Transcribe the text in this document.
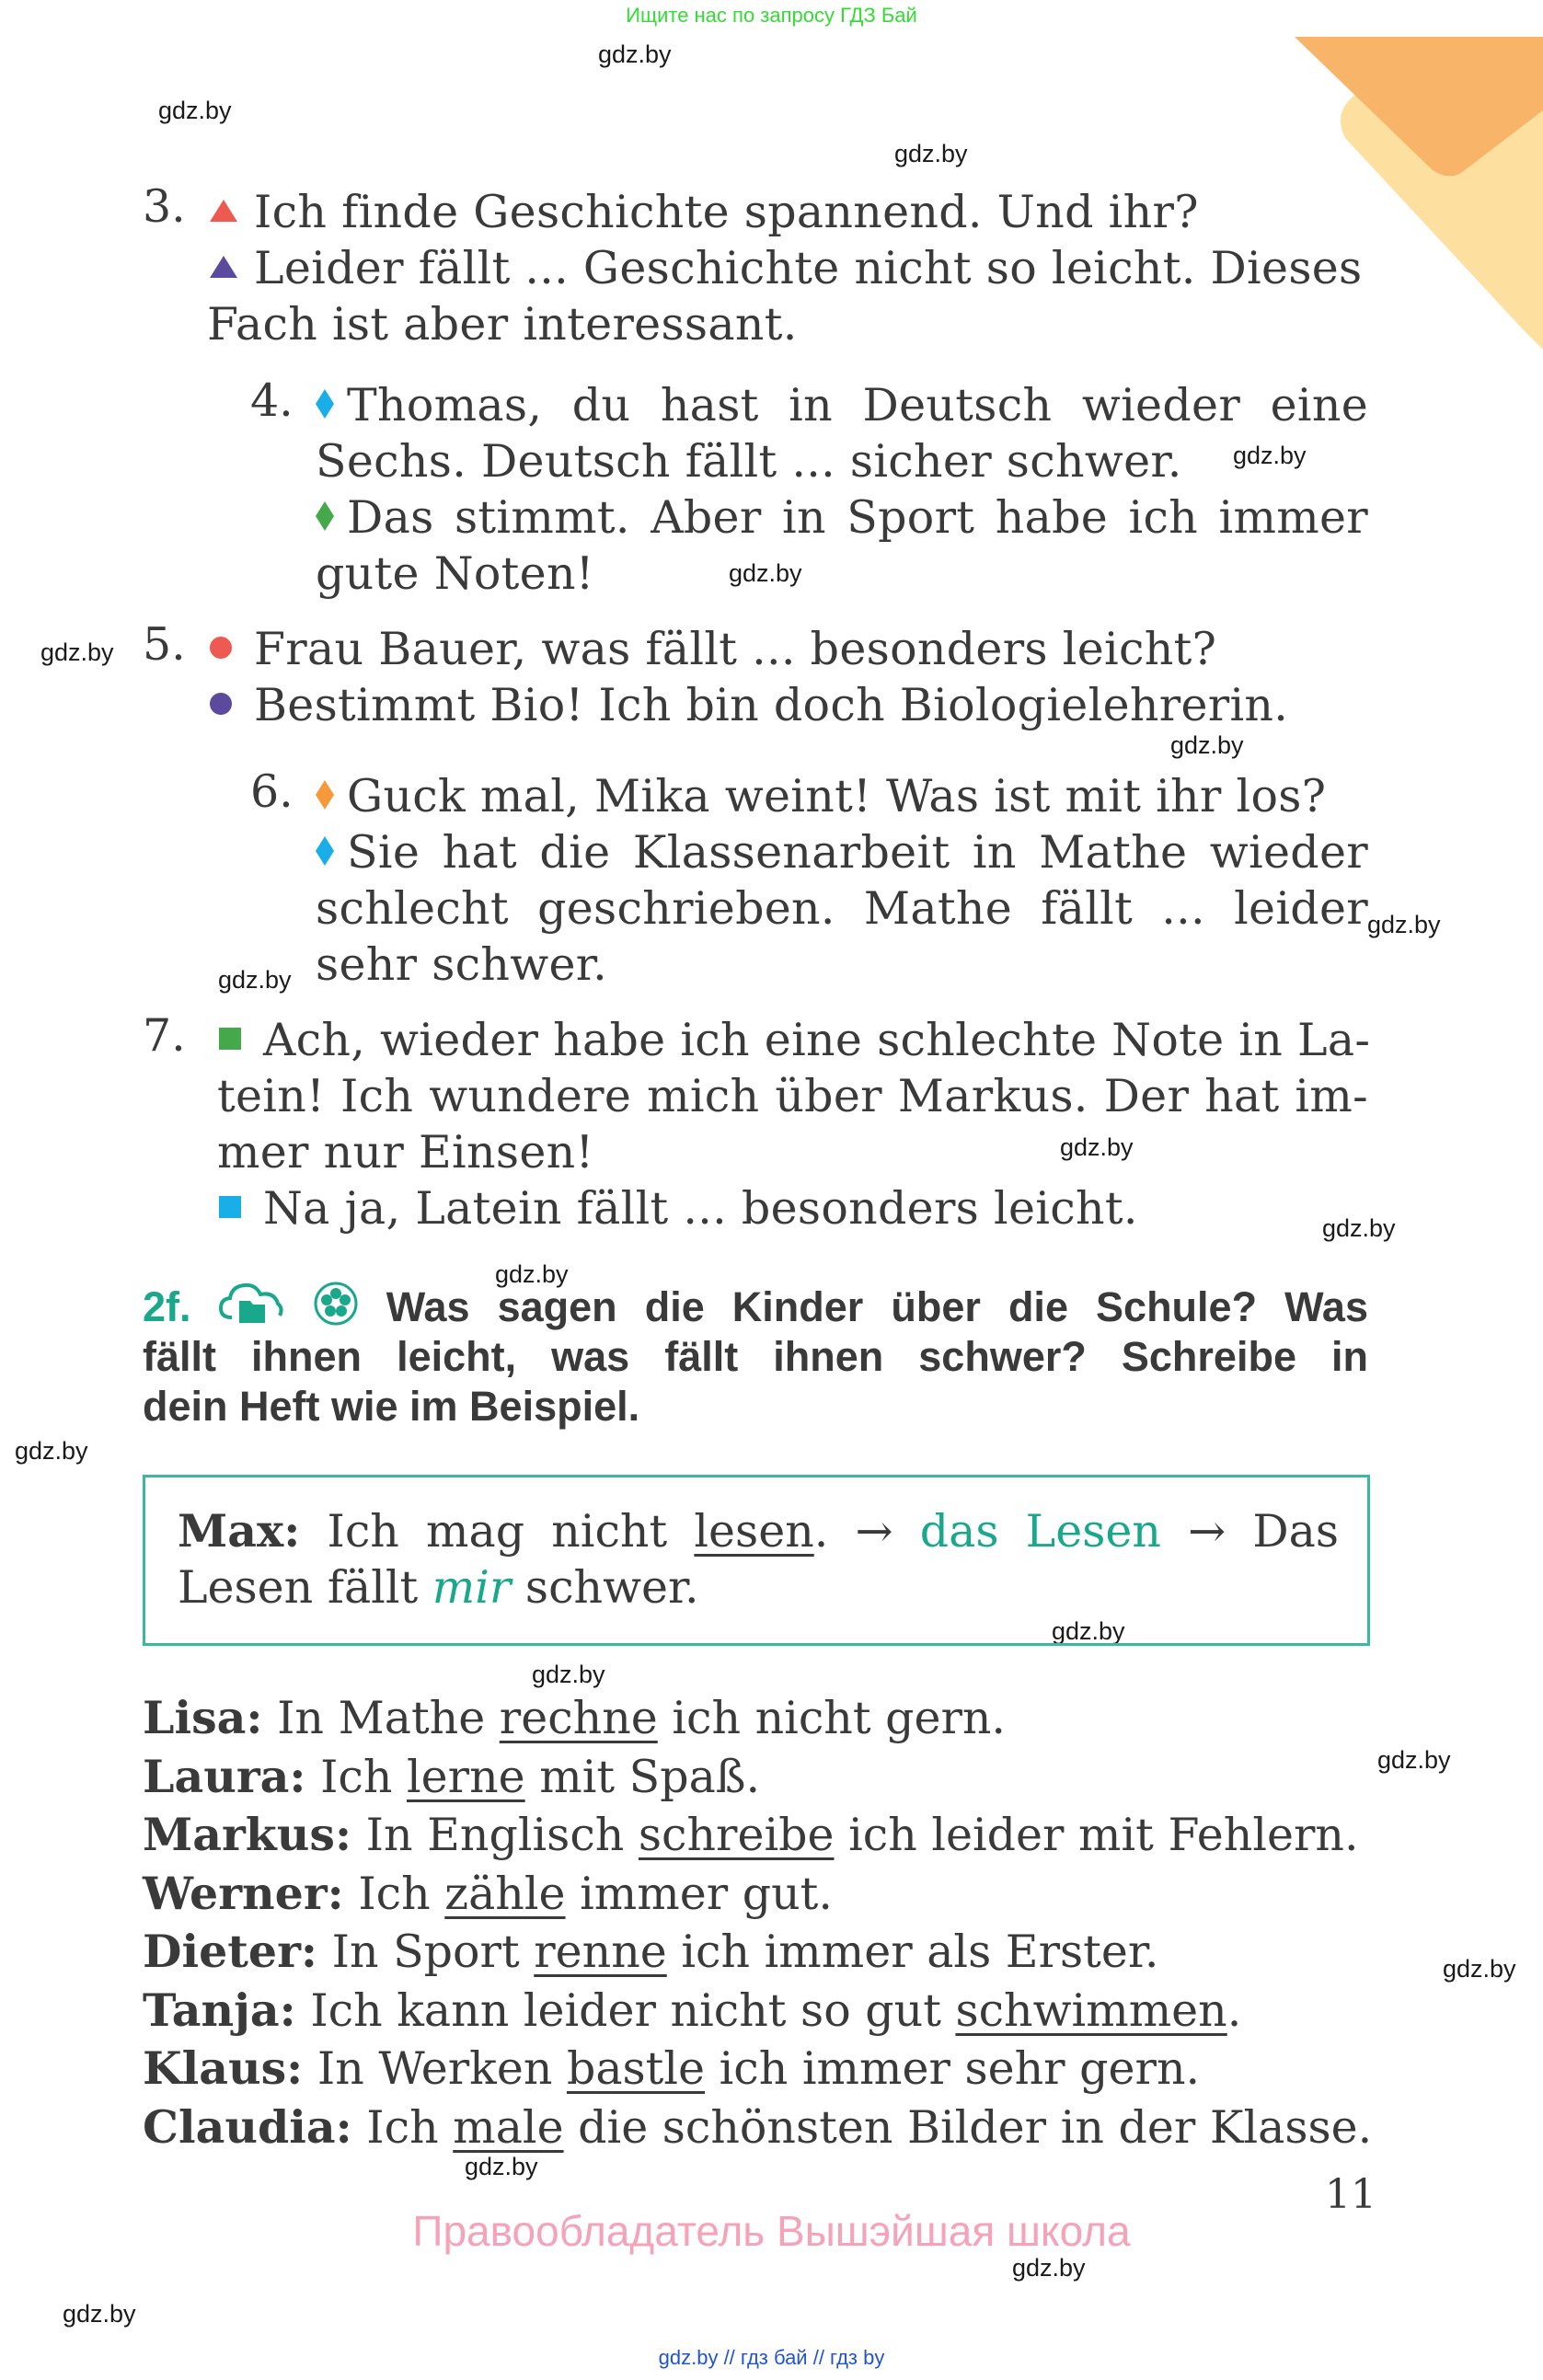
Ищите нас по запросу ГДЗ Бай
gdz.by
gdz.by
gdz.by
gdz.by
gdz.by
gdz.by
gdz.by
gdz.by
gdz.by
gdz.by
gdz.by
gdz.by
gdz.by
gdz.by
gdz.by
gdz.by
gdz.by
gdz.by
gdz.by
gdz.by
3.	Ich finde Geschichte spannend. Und ihr?
Leider fällt ... Geschichte nicht so leicht. Dieses
Fach ist aber interessant.
4.	Thomas, du hast in Deutsch wieder eine
Sechs. Deutsch fällt ... sicher schwer.
Das stimmt. Aber in Sport habe ich immer
gute Noten!
5.	Frau Bauer, was fällt ... besonders leicht?
Bestimmt Bio! Ich bin doch Biologielehrerin.
6.	Guck mal, Mika weint! Was ist mit ihr los?
Sie hat die Klassenarbeit in Mathe wieder
schlecht geschrieben. Mathe fällt ... leider
sehr schwer.
7.	Ach, wieder habe ich eine schlechte Note in La-
tein! Ich wundere mich über Markus. Der hat im-
mer nur Einsen!
Na ja, Latein fällt ... besonders leicht.
2f.	Was sagen die Kinder über die Schule? Was
fällt ihnen leicht, was fällt ihnen schwer? Schreibe in
dein Heft wie im Beispiel.
Max: Ich mag nicht lesen. → das Lesen → Das
Lesen fällt mir schwer.
Lisa: In Mathe rechne ich nicht gern.
Laura: Ich lerne mit Spaß.
Markus: In Englisch schreibe ich leider mit Fehlern.
Werner: Ich zähle immer gut.
Dieter: In Sport renne ich immer als Erster.
Tanja: Ich kann leider nicht so gut schwimmen.
Klaus: In Werken bastle ich immer sehr gern.
Claudia: Ich male die schönsten Bilder in der Klasse.
11
Правообладатель Вышэйшая школа
gdz.by // гдз бай // гдз by
